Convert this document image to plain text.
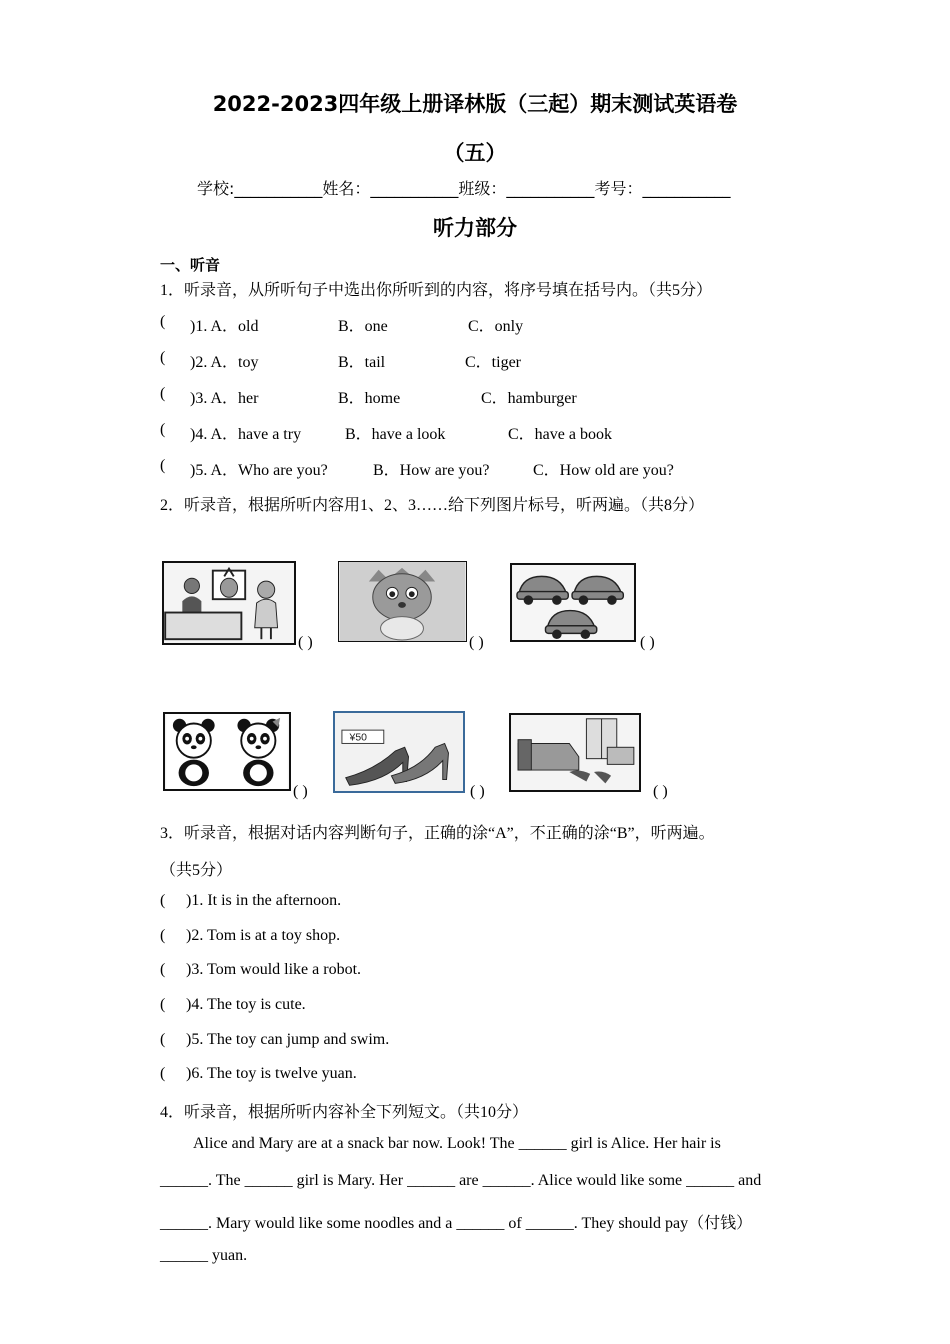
2022-2023四年级上册译林版（三起）期末测试英语卷
（五）
学校:___________姓名：___________班级：___________考号：___________
听力部分
一、听音
1．听录音，从所听句子中选出你所听到的内容，将序号填在括号内。（共5分）
( )1. A．old	B．one	C．only
( )2. A．toy	B．tail	C．tiger
( )3. A．her	B．home	C．hamburger
( )4. A．have a try	B．have a look	C．have a book
( )5. A．Who are you?	B．How are you?	C．How old are you?
2．听录音，根据所听内容用1、2、3……给下列图片标号，听两遍。（共8分）
( )	( )	( )
( )
¥50
( )	( )
3．听录音，根据对话内容判断句子，正确的涂“A”，不正确的涂“B”，听两遍。
（共5分）
( )1. It is in the afternoon.
( )2. Tom is at a toy shop.
( )3. Tom would like a robot.
( )4. The toy is cute.
( )5. The toy can jump and swim.
( )6. The toy is twelve yuan.
4．听录音，根据所听内容补全下列短文。（共10分）
Alice and Mary are at a snack bar now. Look! The ______ girl is Alice. Her hair is
______. The ______ girl is Mary. Her ______ are ______. Alice would like some ______ and
______. Mary would like some noodles and a ______ of ______. They should pay（付钱）
______ yuan.
